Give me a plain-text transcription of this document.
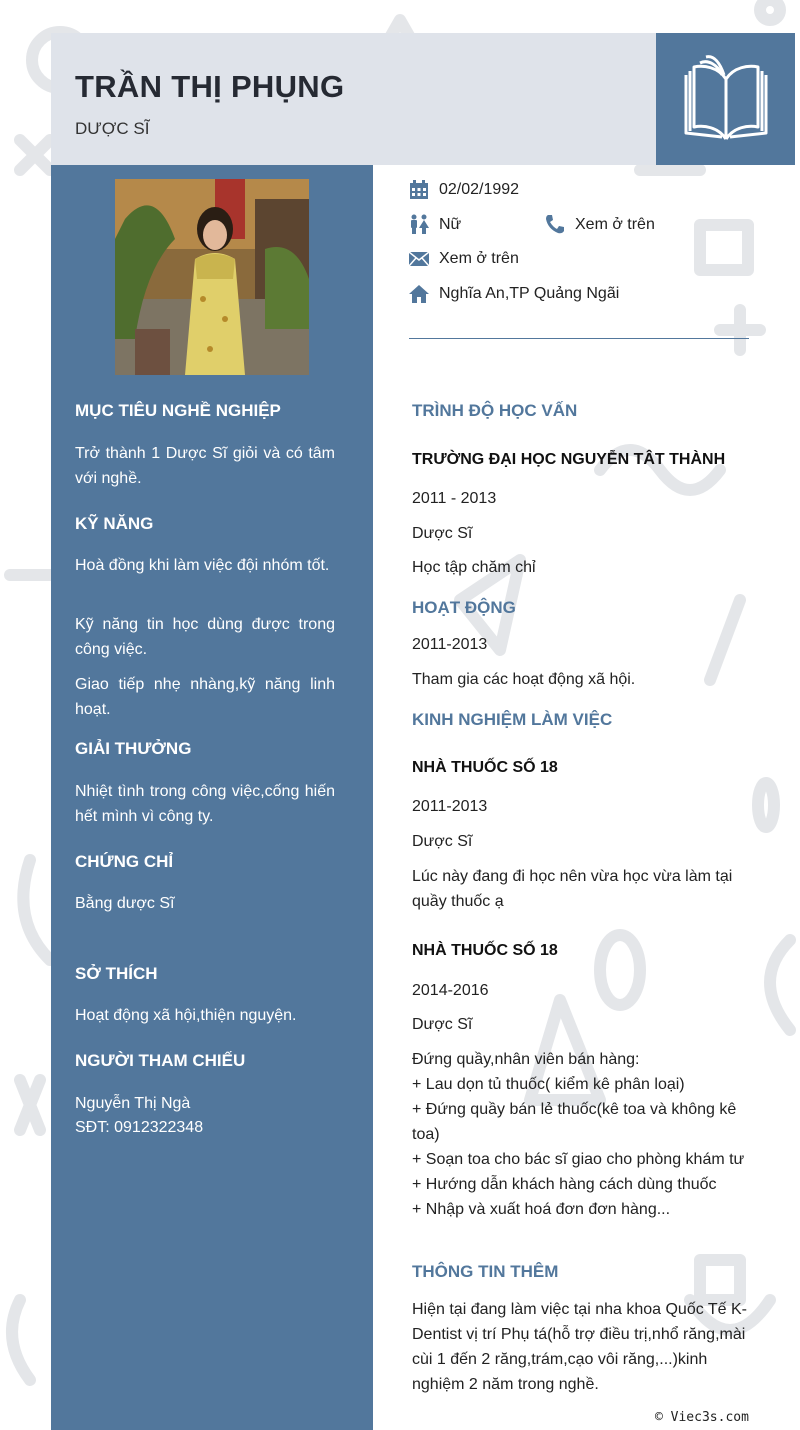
TRẦN THỊ PHỤNG
DƯỢC SĨ
MỤC TIÊU NGHỀ NGHIỆP
Trở thành 1 Dược Sĩ giỏi và có tâm với nghề.
KỸ NĂNG
Hoà đồng khi làm việc đội nhóm tốt.
Kỹ năng tin học dùng được trong công việc.
Giao tiếp nhẹ nhàng,kỹ năng linh hoạt.
GIẢI THƯỞNG
Nhiệt tình trong công việc,cống hiến hết mình vì công ty.
CHỨNG CHỈ
Bằng dược Sĩ
SỞ THÍCH
Hoạt động xã hội,thiện nguyện.
NGƯỜI THAM CHIẾU
Nguyễn Thị Ngà
SĐT: 0912322348
02/02/1992
Nữ	Xem ở trên
Xem ở trên
Nghĩa An,TP Quảng Ngãi
TRÌNH ĐỘ HỌC VẤN
TRƯỜNG ĐẠI HỌC NGUYỄN TÂT THÀNH
2011 - 2013
Dược Sĩ
Học tập chăm chỉ
HOẠT ĐỘNG
2011-2013
Tham gia các hoạt động xã hội.
KINH NGHIỆM LÀM VIỆC
NHÀ THUỐC SỐ 18
2011-2013
Dược Sĩ
Lúc này đang đi học nên vừa học vừa làm tại quầy thuốc ạ
NHÀ THUỐC SỐ 18
2014-2016
Dược Sĩ
Đứng quầy,nhân viên bán hàng:
+ Lau dọn tủ thuốc( kiểm kê phân loại)
+ Đứng quầy bán lẻ thuốc(kê toa và không kê toa)
+ Soạn toa cho bác sĩ giao cho phòng khám tư
+ Hướng dẫn khách hàng cách dùng thuốc
+ Nhập và xuất hoá đơn đơn hàng...
THÔNG TIN THÊM
Hiện tại đang làm việc tại nha khoa Quốc Tế K-Dentist vị trí Phụ tá(hỗ trợ điều trị,nhổ răng,mài cùi 1 đến 2 răng,trám,cạo vôi răng,...)kinh nghiệm 2 năm trong nghề.
© Viec3s.com
